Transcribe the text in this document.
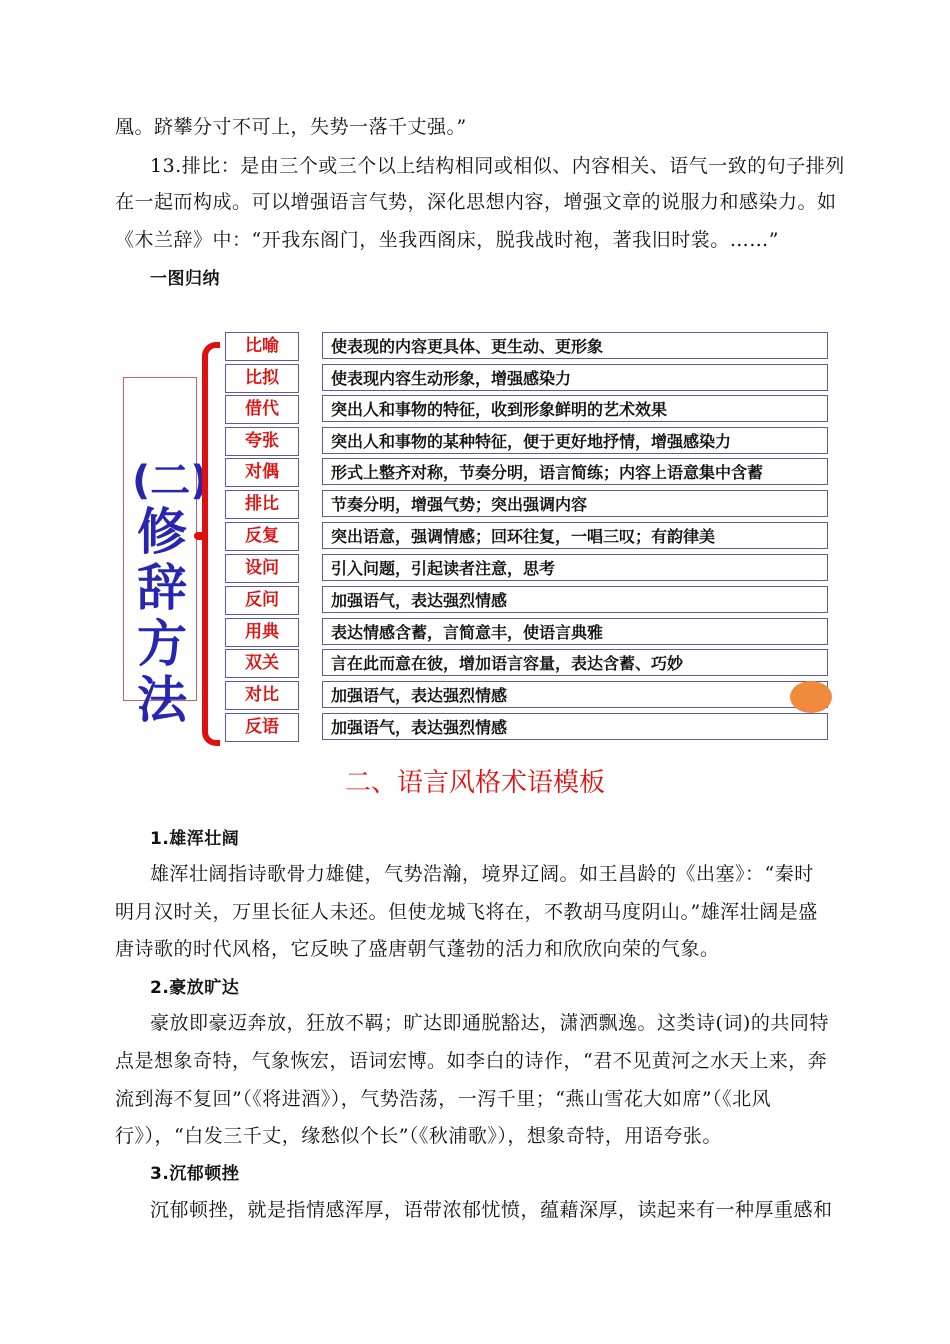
凰。跻攀分寸不可上，失势一落千丈强。”
13.排比：是由三个或三个以上结构相同或相似、内容相关、语气一致的句子排列
在一起而构成。可以增强语言气势，深化思想内容，增强文章的说服力和感染力。如
《木兰辞》中：“开我东阁门，坐我西阁床，脱我战时袍，著我旧时裳。……”
一图归纳
(二)
修
辞
方
法
比喻	使表现的内容更具体、更生动、更形象
比拟	使表现内容生动形象，增强感染力
借代	突出人和事物的特征，收到形象鲜明的艺术效果
夸张	突出人和事物的某种特征，便于更好地抒情，增强感染力
对偶	形式上整齐对称，节奏分明，语言简练；内容上语意集中含蓄
排比	节奏分明，增强气势；突出强调内容
反复	突出语意，强调情感；回环往复，一唱三叹；有韵律美
设问	引入问题，引起读者注意，思考
反问	加强语气，表达强烈情感
用典	表达情感含蓄，言简意丰，使语言典雅
双关	言在此而意在彼，增加语言容量，表达含蓄、巧妙
对比	加强语气，表达强烈情感
反语	加强语气，表达强烈情感
二、语言风格术语模板
1.雄浑壮阔
雄浑壮阔指诗歌骨力雄健，气势浩瀚，境界辽阔。如王昌龄的《出塞》：“秦时
明月汉时关，万里长征人未还。但使龙城飞将在，不教胡马度阴山。”雄浑壮阔是盛
唐诗歌的时代风格，它反映了盛唐朝气蓬勃的活力和欣欣向荣的气象。
2.豪放旷达
豪放即豪迈奔放，狂放不羁；旷达即通脱豁达，潇洒飘逸。这类诗(词)的共同特
点是想象奇特，气象恢宏，语词宏博。如李白的诗作，“君不见黄河之水天上来，奔
流到海不复回”（《将进酒》），气势浩荡，一泻千里；“燕山雪花大如席”（《北风
行》），“白发三千丈，缘愁似个长”（《秋浦歌》），想象奇特，用语夸张。
3.沉郁顿挫
沉郁顿挫，就是指情感浑厚，语带浓郁忧愤，蕴藉深厚，读起来有一种厚重感和
